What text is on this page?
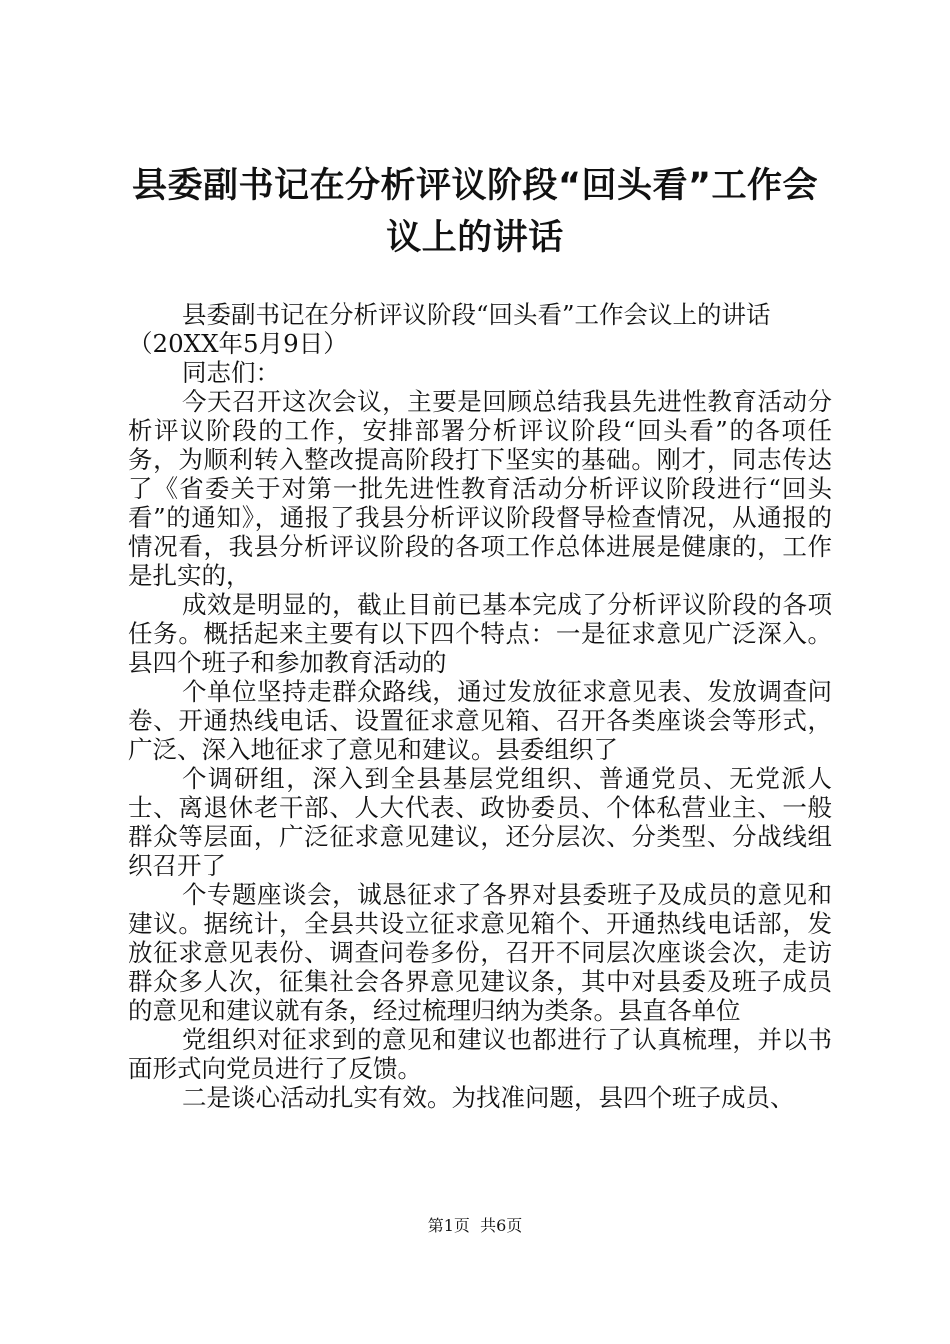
县委副书记在分析评议阶段“回头看”工作会
议上的讲话

县委副书记在分析评议阶段“回头看”工作会议上的讲话

（20XX年5月9日）

同志们：

今天召开这次会议，主要是回顾总结我县先进性教育活动分析评议阶段的工作，安排部署分析评议阶段“回头看”的各项任务，为顺利转入整改提高阶段打下坚实的基础。刚才，同志传达了《省委关于对第一批先进性教育活动分析评议阶段进行“回头看”的通知》，通报了我县分析评议阶段督导检查情况，从通报的情况看，我县分析评议阶段的各项工作总体进展是健康的，工作是扎实的，

成效是明显的，截止目前已基本完成了分析评议阶段的各项任务。概括起来主要有以下四个特点：一是征求意见广泛深入。县四个班子和参加教育活动的

个单位坚持走群众路线，通过发放征求意见表、发放调查问卷、开通热线电话、设置征求意见箱、召开各类座谈会等形式，广泛、深入地征求了意见和建议。县委组织了

个调研组，深入到全县基层党组织、普通党员、无党派人士、离退休老干部、人大代表、政协委员、个体私营业主、一般群众等层面，广泛征求意见建议，还分层次、分类型、分战线组织召开了

个专题座谈会，诚恳征求了各界对县委班子及成员的意见和建议。据统计，全县共设立征求意见箱个、开通热线电话部，发放征求意见表份、调查问卷多份，召开不同层次座谈会次，走访群众多人次，征集社会各界意见建议条，其中对县委及班子成员的意见和建议就有条，经过梳理归纳为类条。县直各单位

党组织对征求到的意见和建议也都进行了认真梳理，并以书面形式向党员进行了反馈。

二是谈心活动扎实有效。为找准问题，县四个班子成员、

第1页  共6页
